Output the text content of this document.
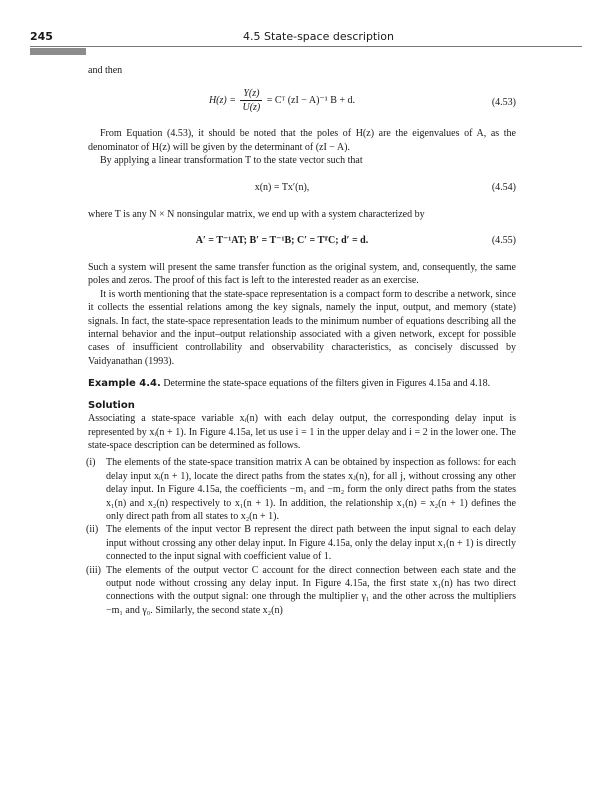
245	4.5 State-space description

and then

$H(z) = \frac{Y(z)}{U(z)}$ = Cᵀ (zI − A)⁻¹ B + d.	(4.53)

From Equation (4.53), it should be noted that the poles of H(z) are the eigenvalues of A, as the denominator of H(z) will be given by the determinant of (zI − A).

By applying a linear transformation T to the state vector such that

x(n) = Tx′(n),	(4.54)

where T is any N × N nonsingular matrix, we end up with a system characterized by

A′ = T⁻¹AT; B′ = T⁻¹B; C′ = TᵀC; d′ = d.	(4.55)

Such a system will present the same transfer function as the original system, and, consequently, the same poles and zeros. The proof of this fact is left to the interested reader as an exercise.

It is worth mentioning that the state-space representation is a compact form to describe a network, since it collects the essential relations among the key signals, namely the input, output, and memory (state) signals. In fact, the state-space representation leads to the minimum number of equations describing all the internal behavior and the input–output relationship associated with a given network, except for possible cases of insufficient controllability and observability characteristics, as concisely discussed by Vaidyanathan (1993).

Example 4.4. Determine the state-space equations of the filters given in Figures 4.15a and 4.18.

Solution

Associating a state-space variable xᵢ(n) with each delay output, the corresponding delay input is represented by xᵢ(n + 1). In Figure 4.15a, let us use i = 1 in the upper delay and i = 2 in the lower one. The state-space description can be determined as follows.

(i)	The elements of the state-space transition matrix A can be obtained by inspection as follows: for each delay input xᵢ(n + 1), locate the direct paths from the states xⱼ(n), for all j, without crossing any other delay input. In Figure 4.15a, the coefficients −m₁ and −m₂ form the only direct paths from the states x₁(n) and x₂(n) respectively to x₁(n + 1). In addition, the relationship x₁(n) = x₂(n + 1) defines the only direct path from all states to x₂(n + 1).
(ii) The elements of the input vector B represent the direct path between the input signal to each delay input without crossing any other delay input. In Figure 4.15a, only the delay input x₁(n + 1) is directly connected to the input signal with coefficient value of 1.
(iii) The elements of the output vector C account for the direct connection between each state and the output node without crossing any delay input. In Figure 4.15a, the first state x₁(n) has two direct connections with the output signal: one through the multiplier γ₁ and the other across the multipliers −m₁ and γ₀. Similarly, the second state x₂(n)
